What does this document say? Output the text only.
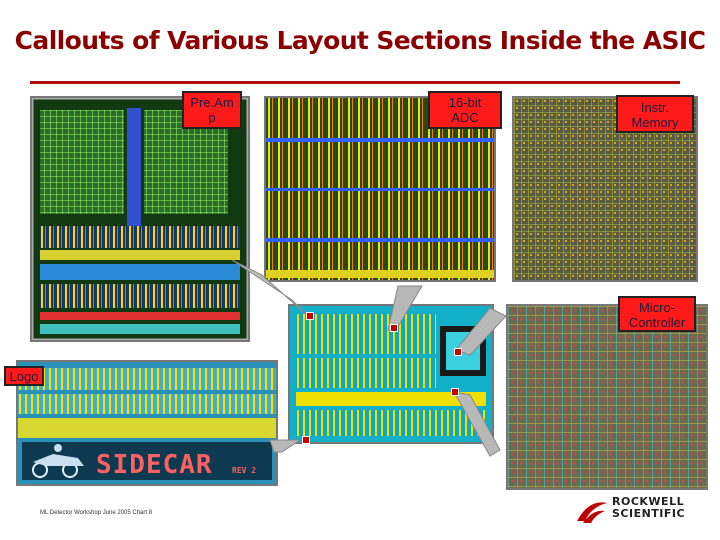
Callouts of Various Layout Sections Inside the ASIC
SIDECAR REV 2
Pre.Am
p
16-bit
ADC
Instr.
Memory
Micro-
Controller
Logo
ML Detector Workshop June 2005 Chart 8
ROCKWELL
SCIENTIFIC
